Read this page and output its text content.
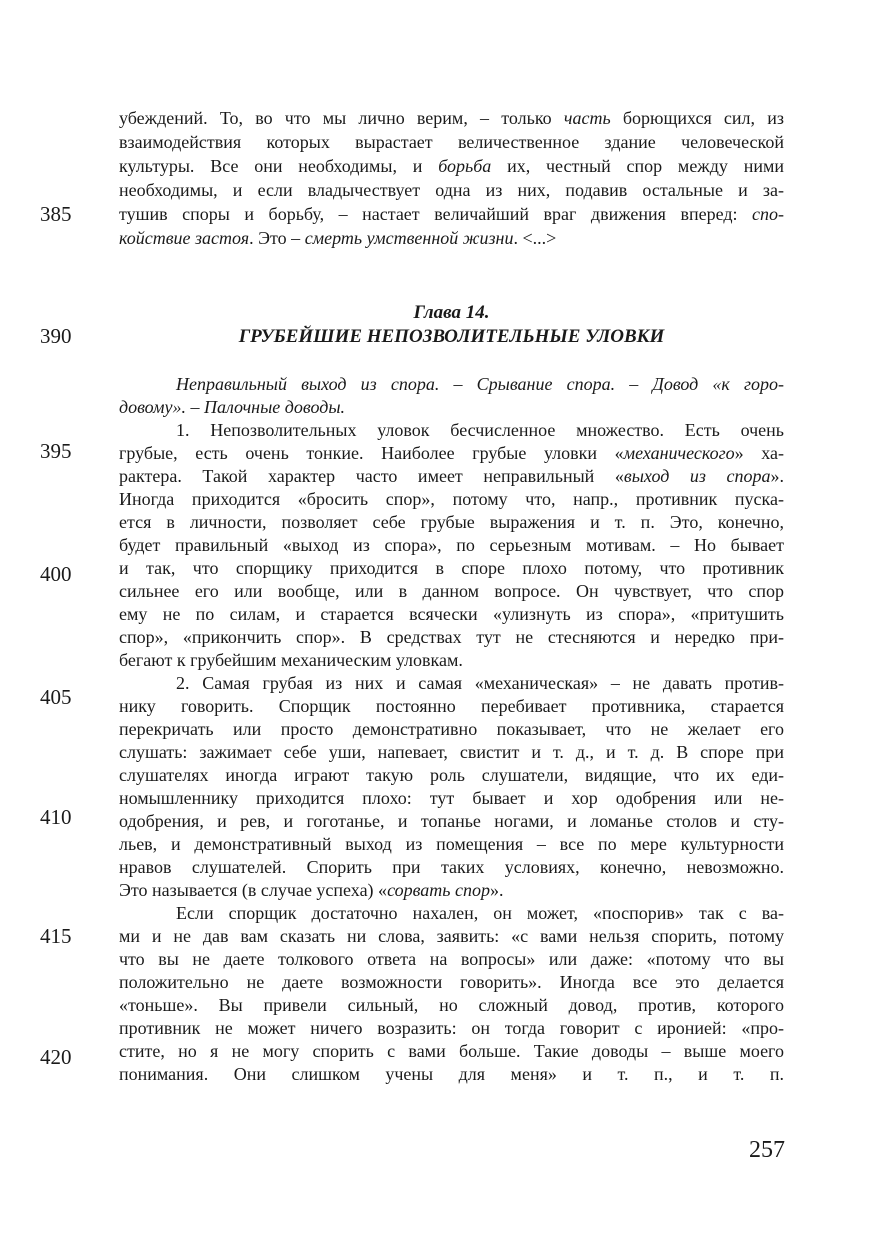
385
390
395
400
405
410
415
420
убеждений. То, во что мы лично верим, – только часть борющихся сил, из
взаимодействия которых вырастает величественное здание человеческой
культуры. Все они необходимы, и борьба их, честный спор между ними
необходимы, и если владычествует одна из них, подавив остальные и за-
тушив споры и борьбу, – настает величайший враг движения вперед: спо-
койствие застоя. Это – смерть умственной жизни. <...>
Глава 14.
ГРУБЕЙШИЕ НЕПОЗВОЛИТЕЛЬНЫЕ УЛОВКИ
Неправильный выход из спора. – Срывание спора. – Довод «к горо-
довому». – Палочные доводы.
1. Непозволительных уловок бесчисленное множество. Есть очень
грубые, есть очень тонкие. Наиболее грубые уловки «механического» ха-
рактера. Такой характер часто имеет неправильный «выход из спора».
Иногда приходится «бросить спор», потому что, напр., противник пуска-
ется в личности, позволяет себе грубые выражения и т. п. Это, конечно,
будет правильный «выход из спора», по серьезным мотивам. – Но бывает
и так, что спорщику приходится в споре плохо потому, что противник
сильнее его или вообще, или в данном вопросе. Он чувствует, что спор
ему не по силам, и старается всячески «улизнуть из спора», «притушить
спор», «прикончить спор». В средствах тут не стесняются и нередко при-
бегают к грубейшим механическим уловкам.
2. Самая грубая из них и самая «механическая» – не давать против-
нику говорить. Спорщик постоянно перебивает противника, старается
перекричать или просто демонстративно показывает, что не желает его
слушать: зажимает себе уши, напевает, свистит и т. д., и т. д. В споре при
слушателях иногда играют такую роль слушатели, видящие, что их еди-
номышленнику приходится плохо: тут бывает и хор одобрения или не-
одобрения, и рев, и гоготанье, и топанье ногами, и ломанье столов и сту-
льев, и демонстративный выход из помещения – все по мере культурности
нравов слушателей. Спорить при таких условиях, конечно, невозможно.
Это называется (в случае успеха) «сорвать спор».
Если спорщик достаточно нахален, он может, «поспорив» так с ва-
ми и не дав вам сказать ни слова, заявить: «с вами нельзя спорить, потому
что вы не даете толкового ответа на вопросы» или даже: «потому что вы
положительно не даете возможности говорить». Иногда все это делается
«тоньше». Вы привели сильный, но сложный довод, против, которого
противник не может ничего возразить: он тогда говорит с иронией: «про-
стите, но я не могу спорить с вами больше. Такие доводы – выше моего
понимания. Они слишком учены для меня» и т. п., и т. п.
257
